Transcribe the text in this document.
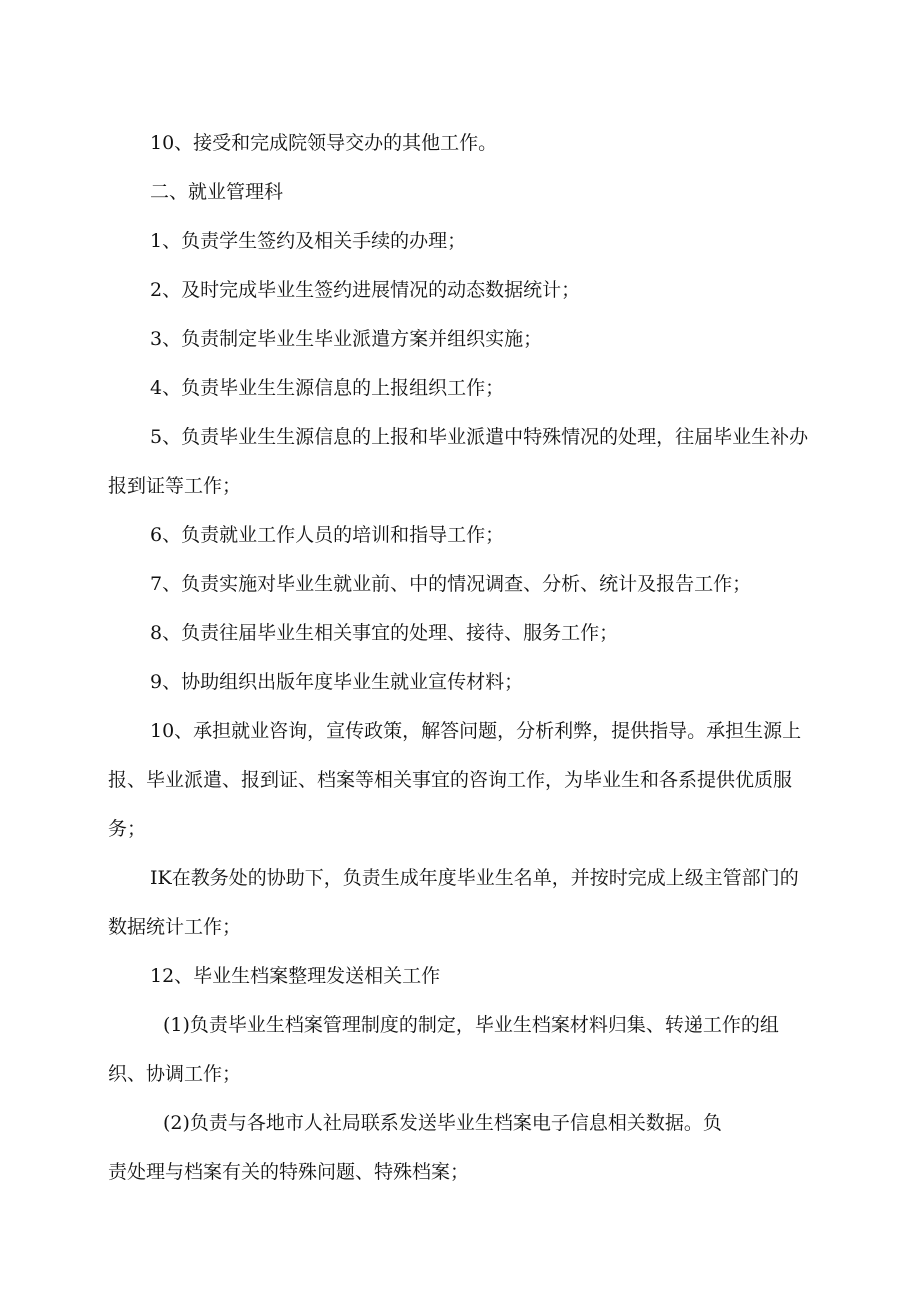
10、接受和完成院领导交办的其他工作。

二、就业管理科

1、负责学生签约及相关手续的办理；

2、及时完成毕业生签约进展情况的动态数据统计；

3、负责制定毕业生毕业派遣方案并组织实施；

4、负责毕业生生源信息的上报组织工作；

5、负责毕业生生源信息的上报和毕业派遣中特殊情况的处理，往届毕业生补办报到证等工作；

6、负责就业工作人员的培训和指导工作；

7、负责实施对毕业生就业前、中的情况调查、分析、统计及报告工作；

8、负责往届毕业生相关事宜的处理、接待、服务工作；

9、协助组织出版年度毕业生就业宣传材料；

10、承担就业咨询，宣传政策，解答问题，分析利弊，提供指导。承担生源上报、毕业派遣、报到证、档案等相关事宜的咨询工作，为毕业生和各系提供优质服务；

IK在教务处的协助下，负责生成年度毕业生名单，并按时完成上级主管部门的数据统计工作；

12、毕业生档案整理发送相关工作

(1)负责毕业生档案管理制度的制定，毕业生档案材料归集、转递工作的组织、协调工作；

(2)负责与各地市人社局联系发送毕业生档案电子信息相关数据。负

责处理与档案有关的特殊问题、特殊档案；
